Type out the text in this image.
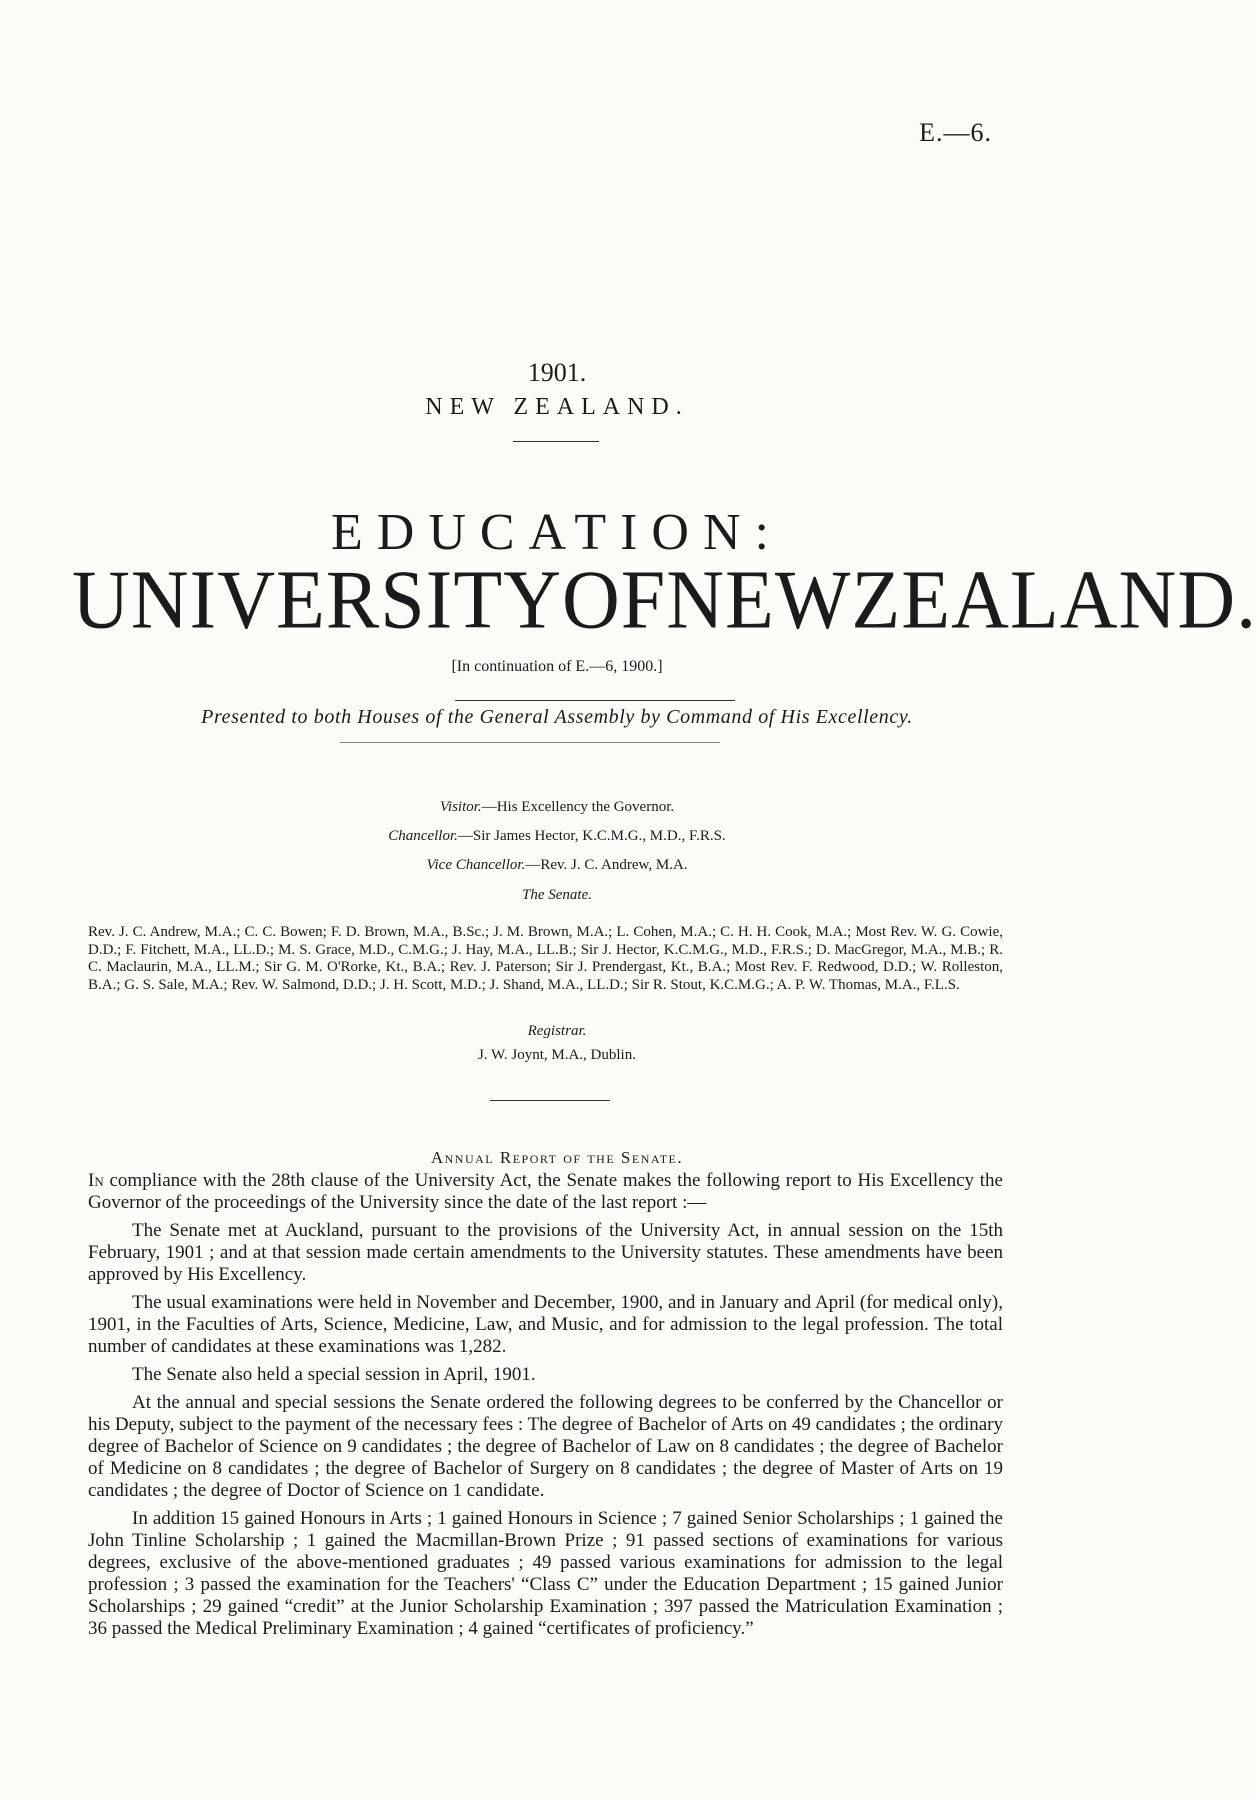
E.—6.
1901.
NEW ZEALAND.
EDUCATION:
UNIVERSITY OF NEW ZEALAND.
[In continuation of E.—6, 1900.]
Presented to both Houses of the General Assembly by Command of His Excellency.
Visitor.—His Excellency the Governor.
Chancellor.—Sir James Hector, K.C.M.G., M.D., F.R.S.
Vice Chancellor.—Rev. J. C. Andrew, M.A.
The Senate.
Rev. J. C. Andrew, M.A.; C. C. Bowen; F. D. Brown, M.A., B.Sc.; J. M. Brown, M.A.; L. Cohen, M.A.; C. H. H. Cook, M.A.; Most Rev. W. G. Cowie, D.D.; F. Fitchett, M.A., LL.D.; M. S. Grace, M.D., C.M.G.; J. Hay, M.A., LL.B.; Sir J. Hector, K.C.M.G., M.D., F.R.S.; D. MacGregor, M.A., M.B.; R. C. Maclaurin, M.A., LL.M.; Sir G. M. O'Rorke, Kt., B.A.; Rev. J. Paterson; Sir J. Prendergast, Kt., B.A.; Most Rev. F. Redwood, D.D.; W. Rolleston, B.A.; G. S. Sale, M.A.; Rev. W. Salmond, D.D.; J. H. Scott, M.D.; J. Shand, M.A., LL.D.; Sir R. Stout, K.C.M.G.; A. P. W. Thomas, M.A., F.L.S.
Registrar.
J. W. Joynt, M.A., Dublin.
Annual Report of the Senate.

In compliance with the 28th clause of the University Act, the Senate makes the following report to His Excellency the Governor of the proceedings of the University since the date of the last report :—

The Senate met at Auckland, pursuant to the provisions of the University Act, in annual session on the 15th February, 1901 ; and at that session made certain amendments to the University statutes. These amendments have been approved by His Excellency.

The usual examinations were held in November and December, 1900, and in January and April (for medical only), 1901, in the Faculties of Arts, Science, Medicine, Law, and Music, and for admission to the legal profession. The total number of candidates at these examinations was 1,282.

The Senate also held a special session in April, 1901.

At the annual and special sessions the Senate ordered the following degrees to be conferred by the Chancellor or his Deputy, subject to the payment of the necessary fees : The degree of Bachelor of Arts on 49 candidates ; the ordinary degree of Bachelor of Science on 9 candidates ; the degree of Bachelor of Law on 8 candidates ; the degree of Bachelor of Medicine on 8 candidates ; the degree of Bachelor of Surgery on 8 candidates ; the degree of Master of Arts on 19 candidates ; the degree of Doctor of Science on 1 candidate.

In addition 15 gained Honours in Arts ; 1 gained Honours in Science ; 7 gained Senior Scholarships ; 1 gained the John Tinline Scholarship ; 1 gained the Macmillan-Brown Prize ; 91 passed sections of examinations for various degrees, exclusive of the above-mentioned graduates ; 49 passed various examinations for admission to the legal profession ; 3 passed the examination for the Teachers' “Class C” under the Education Department ; 15 gained Junior Scholarships ; 29 gained “credit” at the Junior Scholarship Examination ; 397 passed the Matriculation Examination ; 36 passed the Medical Preliminary Examination ; 4 gained “certificates of proficiency.”
